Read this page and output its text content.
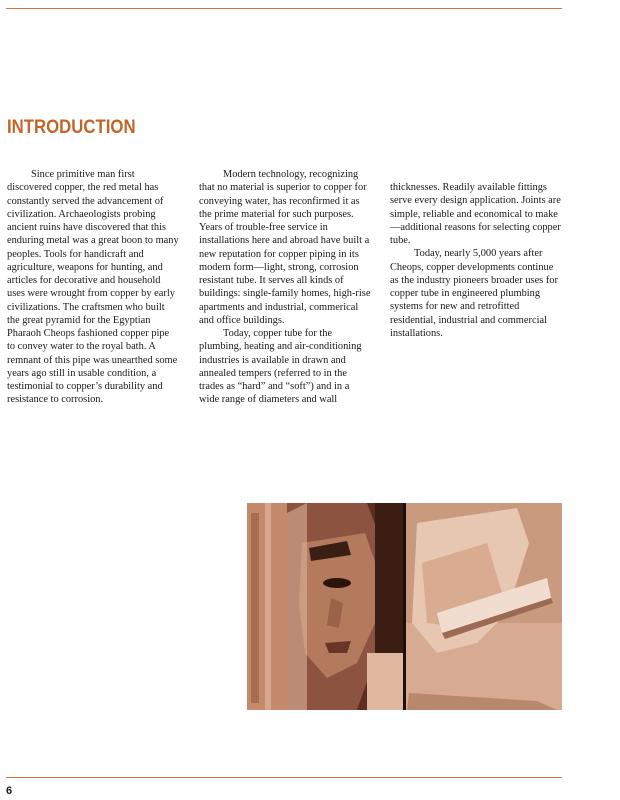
INTRODUCTION

Since primitive man first discovered copper, the red metal has constantly served the advancement of civilization. Archaeologists probing ancient ruins have discovered that this enduring metal was a great boon to many peoples. Tools for handicraft and agriculture, weapons for hunting, and articles for decorative and household uses were wrought from copper by early civilizations. The craftsmen who built the great pyramid for the Egyptian Pharaoh Cheops fashioned copper pipe to convey water to the royal bath. A remnant of this pipe was unearthed some years ago still in usable condition, a testimonial to copper’s durability and resistance to corrosion.

Modern technology, recognizing that no material is superior to copper for conveying water, has reconfirmed it as the prime material for such purposes. Years of trouble-free service in installations here and abroad have built a new reputation for copper piping in its modern form—light, strong, corrosion resistant tube. It serves all kinds of buildings: single-family homes, high-rise apartments and industrial, commerical and office buildings.

Today, copper tube for the plumbing, heating and air-conditioning industries is available in drawn and annealed tempers (referred to in the trades as “hard” and “soft”) and in a wide range of diameters and wall

thicknesses. Readily available fittings serve every design application. Joints are simple, reliable and economical to make—additional reasons for selecting copper tube.

Today, nearly 5,000 years after Cheops, copper developments continue as the industry pioneers broader uses for copper tube in engineered plumbing systems for new and retrofitted residential, industrial and commercial installations.

6
